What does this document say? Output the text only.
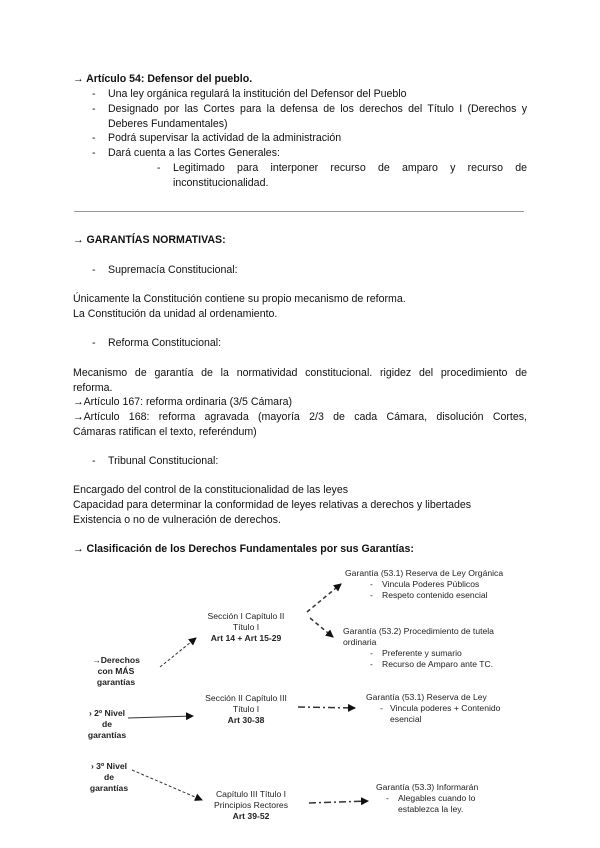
→ Artículo 54: Defensor del pueblo.
- Una ley orgánica regulará la institución del Defensor del Pueblo
- Designado por las Cortes para la defensa de los derechos del Título I (Derechos y
Deberes Fundamentales)
- Podrá supervisar la actividad de la administración
- Dará cuenta a las Cortes Generales:
- Legitimado para interponer recurso de amparo y recurso de
inconstitucionalidad.
→ GARANTÍAS NORMATIVAS:
- Supremacía Constitucional:
Únicamente la Constitución contiene su propio mecanismo de reforma.
La Constitución da unidad al ordenamiento.
- Reforma Constitucional:
Mecanismo de garantía de la normatividad constitucional. rigidez del procedimiento de
reforma.
→Artículo 167: reforma ordinaria (3/5 Cámara)
→Artículo 168: reforma agravada (mayoría 2/3 de cada Cámara, disolución Cortes,
Cámaras ratifican el texto, referéndum)
- Tribunal Constitucional:
Encargado del control de la constitucionalidad de las leyes
Capacidad para determinar la conformidad de leyes relativas a derechos y libertades
Existencia o no de vulneración de derechos.
→ Clasificación de los Derechos Fundamentales por sus Garantías:
→Derechos
con MÁS
garantías
› 2º Nivel
de
garantías
› 3º Nivel
de
garantías
Sección I Capítulo II
Título I
Art 14 + Art 15-29
Sección II Capítulo III
Título I
Art 30-38
Capítulo III Título I
Principios Rectores
Art 39-52
Garantía (53.1) Reserva de Ley Orgánica
- Vincula Poderes Públicos
- Respeto contenido esencial
Garantía (53.2) Procedimiento de tutela
ordinaria
- Preferente y sumario
- Recurso de Amparo ante TC.
Garantía (53.1) Reserva de Ley
- Vincula poderes + Contenido
esencial
Garantía (53.3) Informarán
- Alegables cuando lo
establezca la ley.
